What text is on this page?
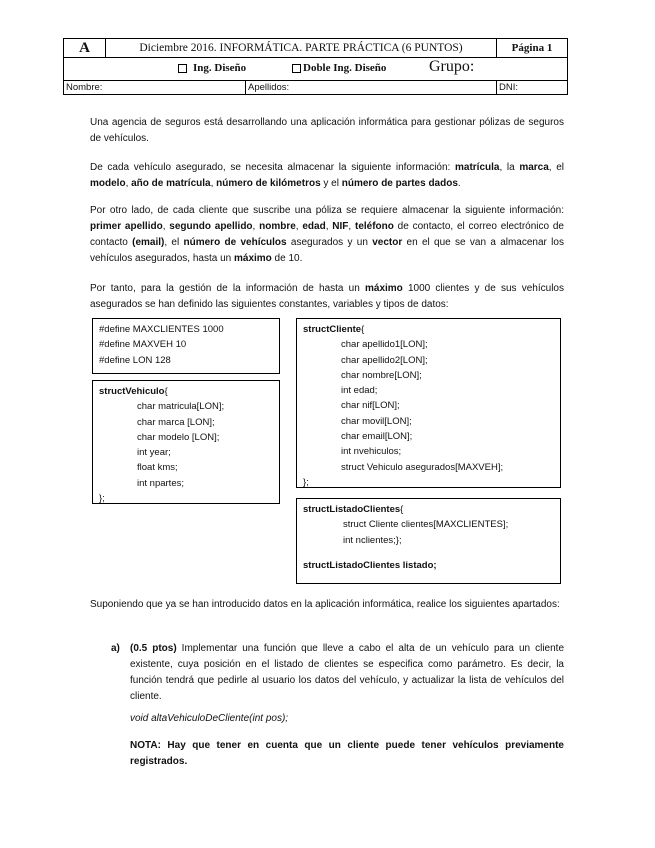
A	Diciembre 2016. INFORMÁTICA. PARTE PRÁCTICA (6 PUNTOS)		Página 1

Ing. Diseño Doble Ing. Diseño Grupo:			

Nombre:		Apellidos:	DNI:

Una agencia de seguros está desarrollando una aplicación informática para gestionar pólizas de seguros de vehículos.

De cada vehículo asegurado, se necesita almacenar la siguiente información: matrícula, la marca, el modelo, año de matrícula, número de kilómetros y el número de partes dados.

Por otro lado, de cada cliente que suscribe una póliza se requiere almacenar la siguiente información: primer apellido, segundo apellido, nombre, edad, NIF, teléfono de contacto, el correo electrónico de contacto (email), el número de vehículos asegurados y un vector en el que se van a almacenar los vehículos asegurados, hasta un máximo de 10.

Por tanto, para la gestión de la información de hasta un máximo 1000 clientes y de sus vehículos asegurados se han definido las siguientes constantes, variables y tipos de datos:

#define MAXCLIENTES 1000
#define MAXVEH 10
#define LON 128
structVehiculo{
char matricula[LON];
char marca [LON];
char modelo [LON];
int year;
float kms;
int npartes;
};
structCliente{
char apellido1[LON];
char apellido2[LON];
char nombre[LON];
int edad;
char nif[LON];
char movil[LON];
char email[LON];
int nvehiculos;
struct Vehiculo asegurados[MAXVEH];
};
structListadoClientes{
struct Cliente clientes[MAXCLIENTES];
int nclientes;};
structListadoClientes listado;

Suponiendo que ya se han introducido datos en la aplicación informática, realice los siguientes apartados:

a) (0.5 ptos) Implementar una función que lleve a cabo el alta de un vehículo para un cliente existente, cuya posición en el listado de clientes se especifica como parámetro. Es decir, la función tendrá que pedirle al usuario los datos del vehículo, y actualizar la lista de vehículos del cliente.

void altaVehiculoDeCliente(int pos);

NOTA: Hay que tener en cuenta que un cliente puede tener vehículos previamente registrados.
